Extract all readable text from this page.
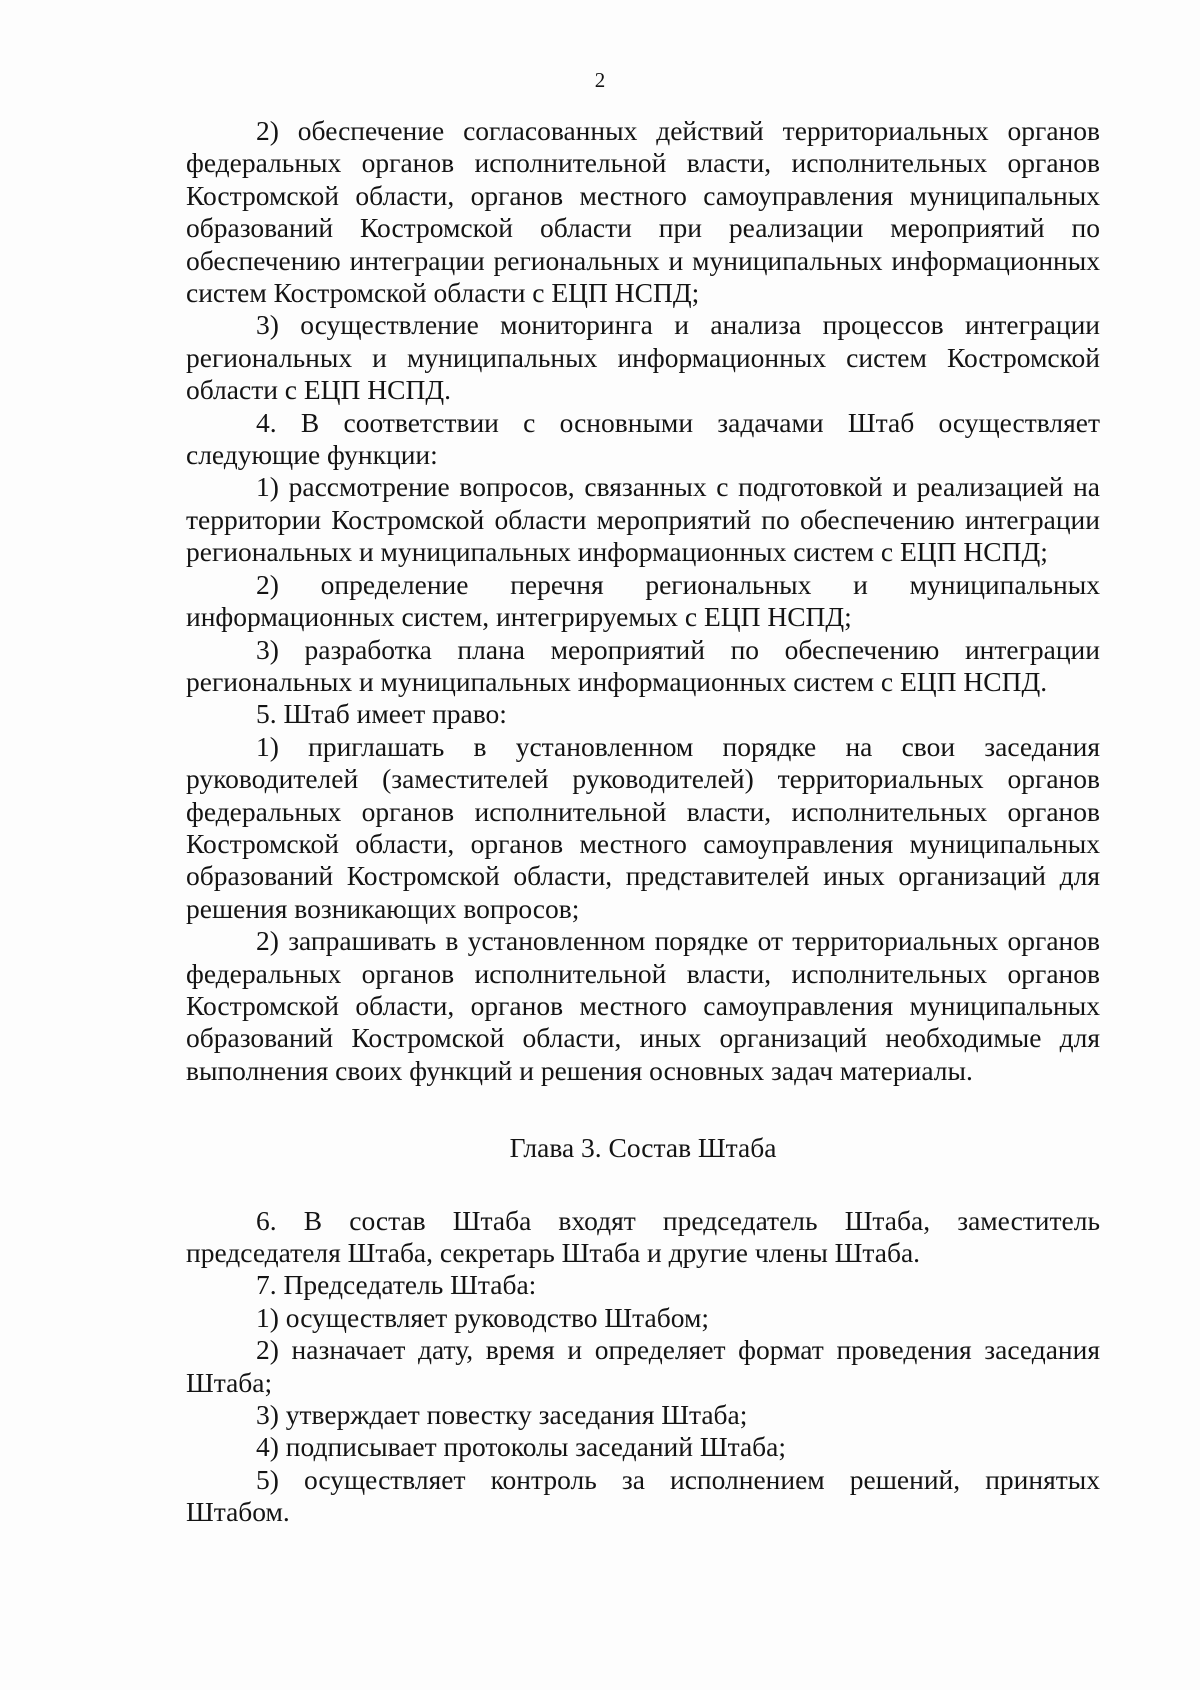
2

2) обеспечение согласованных действий территориальных органов федеральных органов исполнительной власти, исполнительных органов Костромской области, органов местного самоуправления муниципальных образований Костромской области при реализации мероприятий по обеспечению интеграции региональных и муниципальных информационных систем Костромской области с ЕЦП НСПД;

3) осуществление мониторинга и анализа процессов интеграции региональных и муниципальных информационных систем Костромской области с ЕЦП НСПД.

4. В соответствии с основными задачами Штаб осуществляет следующие функции:

1) рассмотрение вопросов, связанных с подготовкой и реализацией на территории Костромской области мероприятий по обеспечению интеграции региональных и муниципальных информационных систем с ЕЦП НСПД;

2) определение перечня региональных и муниципальных информационных систем, интегрируемых с ЕЦП НСПД;

3) разработка плана мероприятий по обеспечению интеграции региональных и муниципальных информационных систем с ЕЦП НСПД.

5. Штаб имеет право:

1) приглашать в установленном порядке на свои заседания руководителей (заместителей руководителей) территориальных органов федеральных органов исполнительной власти, исполнительных органов Костромской области, органов местного самоуправления муниципальных образований Костромской области, представителей иных организаций для решения возникающих вопросов;

2) запрашивать в установленном порядке от территориальных органов федеральных органов исполнительной власти, исполнительных органов Костромской области, органов местного самоуправления муниципальных образований Костромской области, иных организаций необходимые для выполнения своих функций и решения основных задач материалы.

Глава 3. Состав Штаба

6. В состав Штаба входят председатель Штаба, заместитель председателя Штаба, секретарь Штаба и другие члены Штаба.

7. Председатель Штаба:

1) осуществляет руководство Штабом;

2) назначает дату, время и определяет формат проведения заседания Штаба;

3) утверждает повестку заседания Штаба;

4) подписывает протоколы заседаний Штаба;

5) осуществляет контроль за исполнением решений, принятых Штабом.
